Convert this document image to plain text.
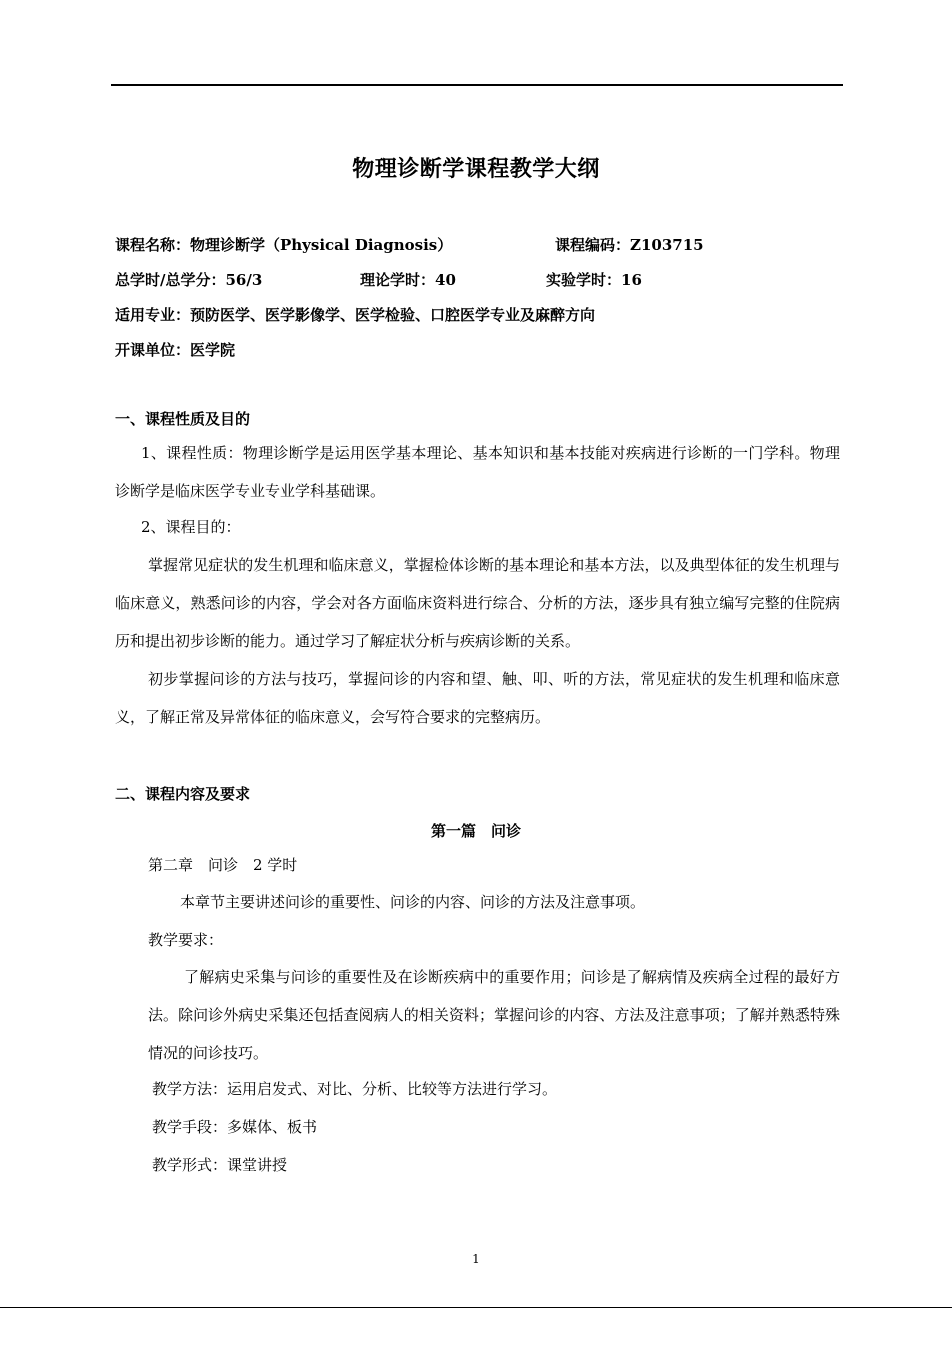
物理诊断学课程教学大纲
课程名称：物理诊断学（Physical Diagnosis）	课程编码：Z103715
总学时/总学分：56/3	理论学时：40	实验学时：16
适用专业：预防医学、医学影像学、医学检验、口腔医学专业及麻醉方向
开课单位：医学院
一、课程性质及目的
1、课程性质：物理诊断学是运用医学基本理论、基本知识和基本技能对疾病进行诊断的一门学科。物理诊断学是临床医学专业专业学科基础课。
2、课程目的：
掌握常见症状的发生机理和临床意义，掌握检体诊断的基本理论和基本方法，以及典型体征的发生机理与临床意义，熟悉问诊的内容，学会对各方面临床资料进行综合、分析的方法，逐步具有独立编写完整的住院病历和提出初步诊断的能力。通过学习了解症状分析与疾病诊断的关系。
初步掌握问诊的方法与技巧，掌握问诊的内容和望、触、叩、听的方法，常见症状的发生机理和临床意义，了解正常及异常体征的临床意义，会写符合要求的完整病历。
二、课程内容及要求
第一篇　问诊
第二章　问诊　2 学时
本章节主要讲述问诊的重要性、问诊的内容、问诊的方法及注意事项。
教学要求：
了解病史采集与问诊的重要性及在诊断疾病中的重要作用；问诊是了解病情及疾病全过程的最好方法。除问诊外病史采集还包括查阅病人的相关资料；掌握问诊的内容、方法及注意事项；了解并熟悉特殊情况的问诊技巧。
教学方法：运用启发式、对比、分析、比较等方法进行学习。
教学手段：多媒体、板书
教学形式：课堂讲授
1
